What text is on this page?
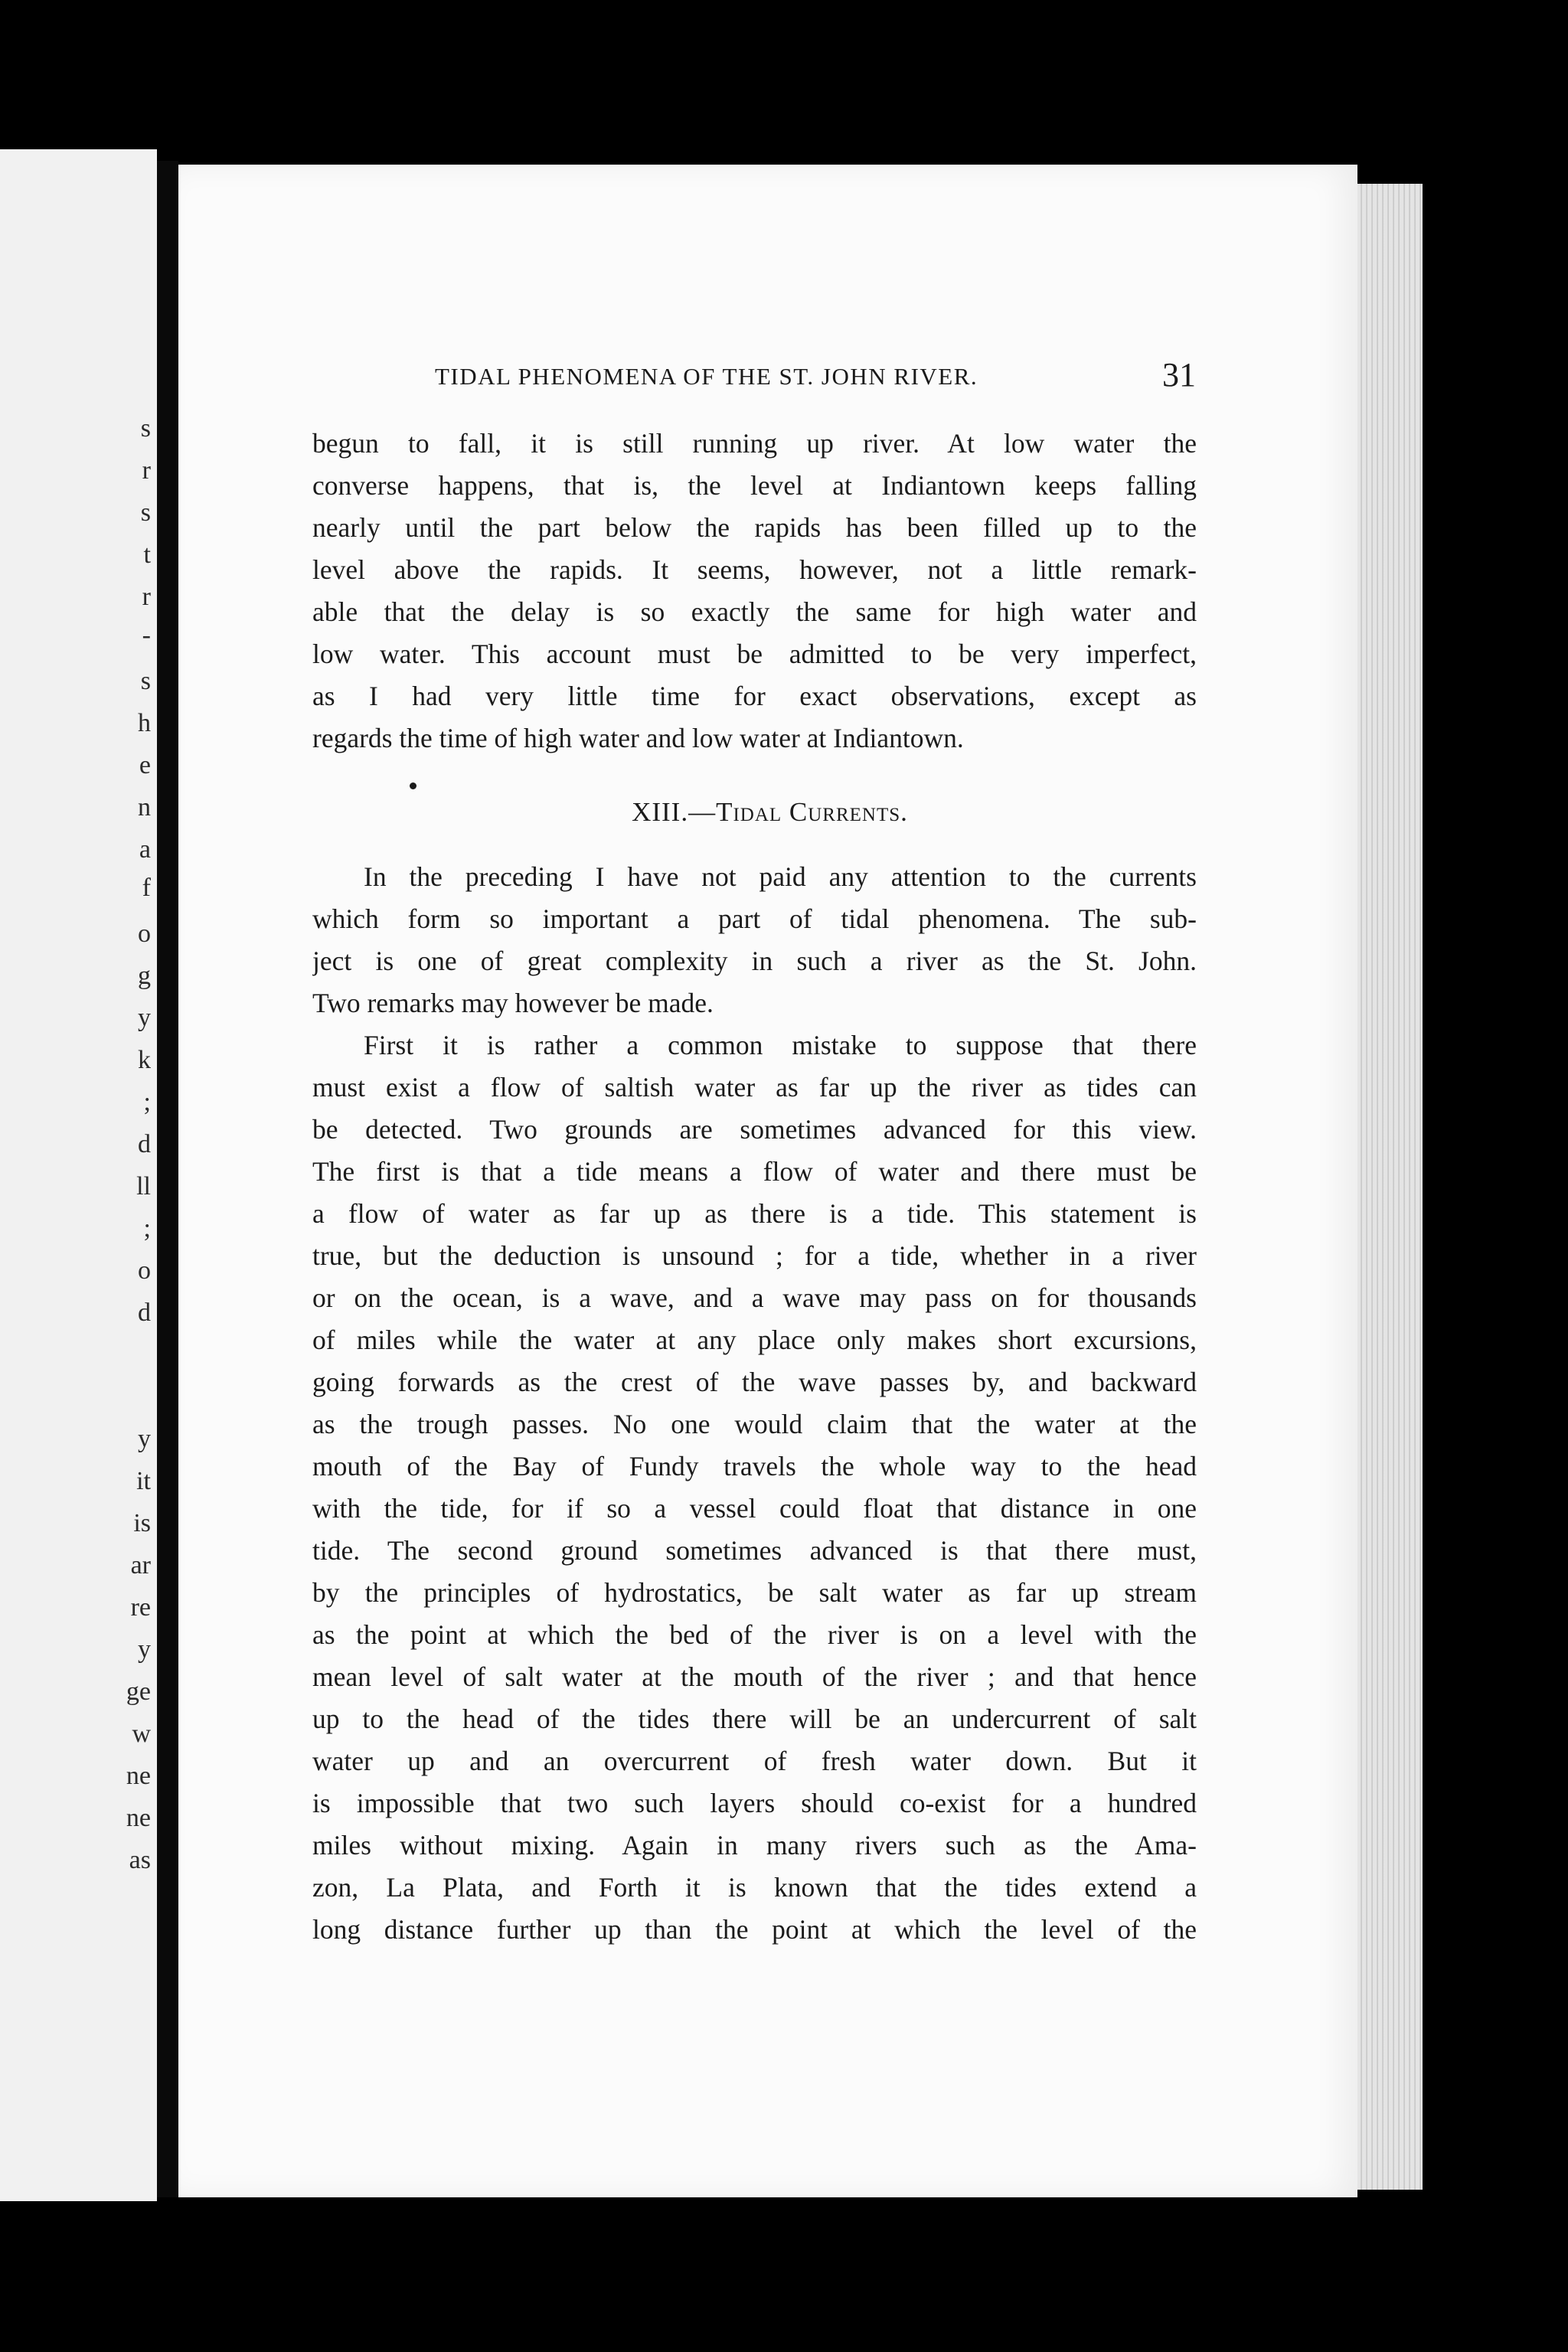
s
r
s
t
r
-
s
h
e
n
a
f
o
g
y
k
;
d
ll
;
o
d
y
it
is
ar
re
y
ge
w
ne
ne
as
TIDAL PHENOMENA OF THE ST. JOHN RIVER.	31
begun to fall, it is still running up river. At low water the
converse happens, that is, the level at Indiantown keeps falling
nearly until the part below the rapids has been filled up to the
level above the rapids. It seems, however, not a little remark-
able that the delay is so exactly the same for high water and
low water. This account must be admitted to be very imperfect,
as I had very little time for exact observations, except as
regards the time of high water and low water at Indiantown.
XIII.—Tidal Currents.
In the preceding I have not paid any attention to the currents
which form so important a part of tidal phenomena. The sub-
ject is one of great complexity in such a river as the St. John.
Two remarks may however be made.
First it is rather a common mistake to suppose that there
must exist a flow of saltish water as far up the river as tides can
be detected. Two grounds are sometimes advanced for this view.
The first is that a tide means a flow of water and there must be
a flow of water as far up as there is a tide. This statement is
true, but the deduction is unsound ; for a tide, whether in a river
or on the ocean, is a wave, and a wave may pass on for thousands
of miles while the water at any place only makes short excursions,
going forwards as the crest of the wave passes by, and backward
as the trough passes. No one would claim that the water at the
mouth of the Bay of Fundy travels the whole way to the head
with the tide, for if so a vessel could float that distance in one
tide. The second ground sometimes advanced is that there must,
by the principles of hydrostatics, be salt water as far up stream
as the point at which the bed of the river is on a level with the
mean level of salt water at the mouth of the river ; and that hence
up to the head of the tides there will be an undercurrent of salt
water up and an overcurrent of fresh water down. But it
is impossible that two such layers should co-exist for a hundred
miles without mixing. Again in many rivers such as the Ama-
zon, La Plata, and Forth it is known that the tides extend a
long distance further up than the point at which the level of the
